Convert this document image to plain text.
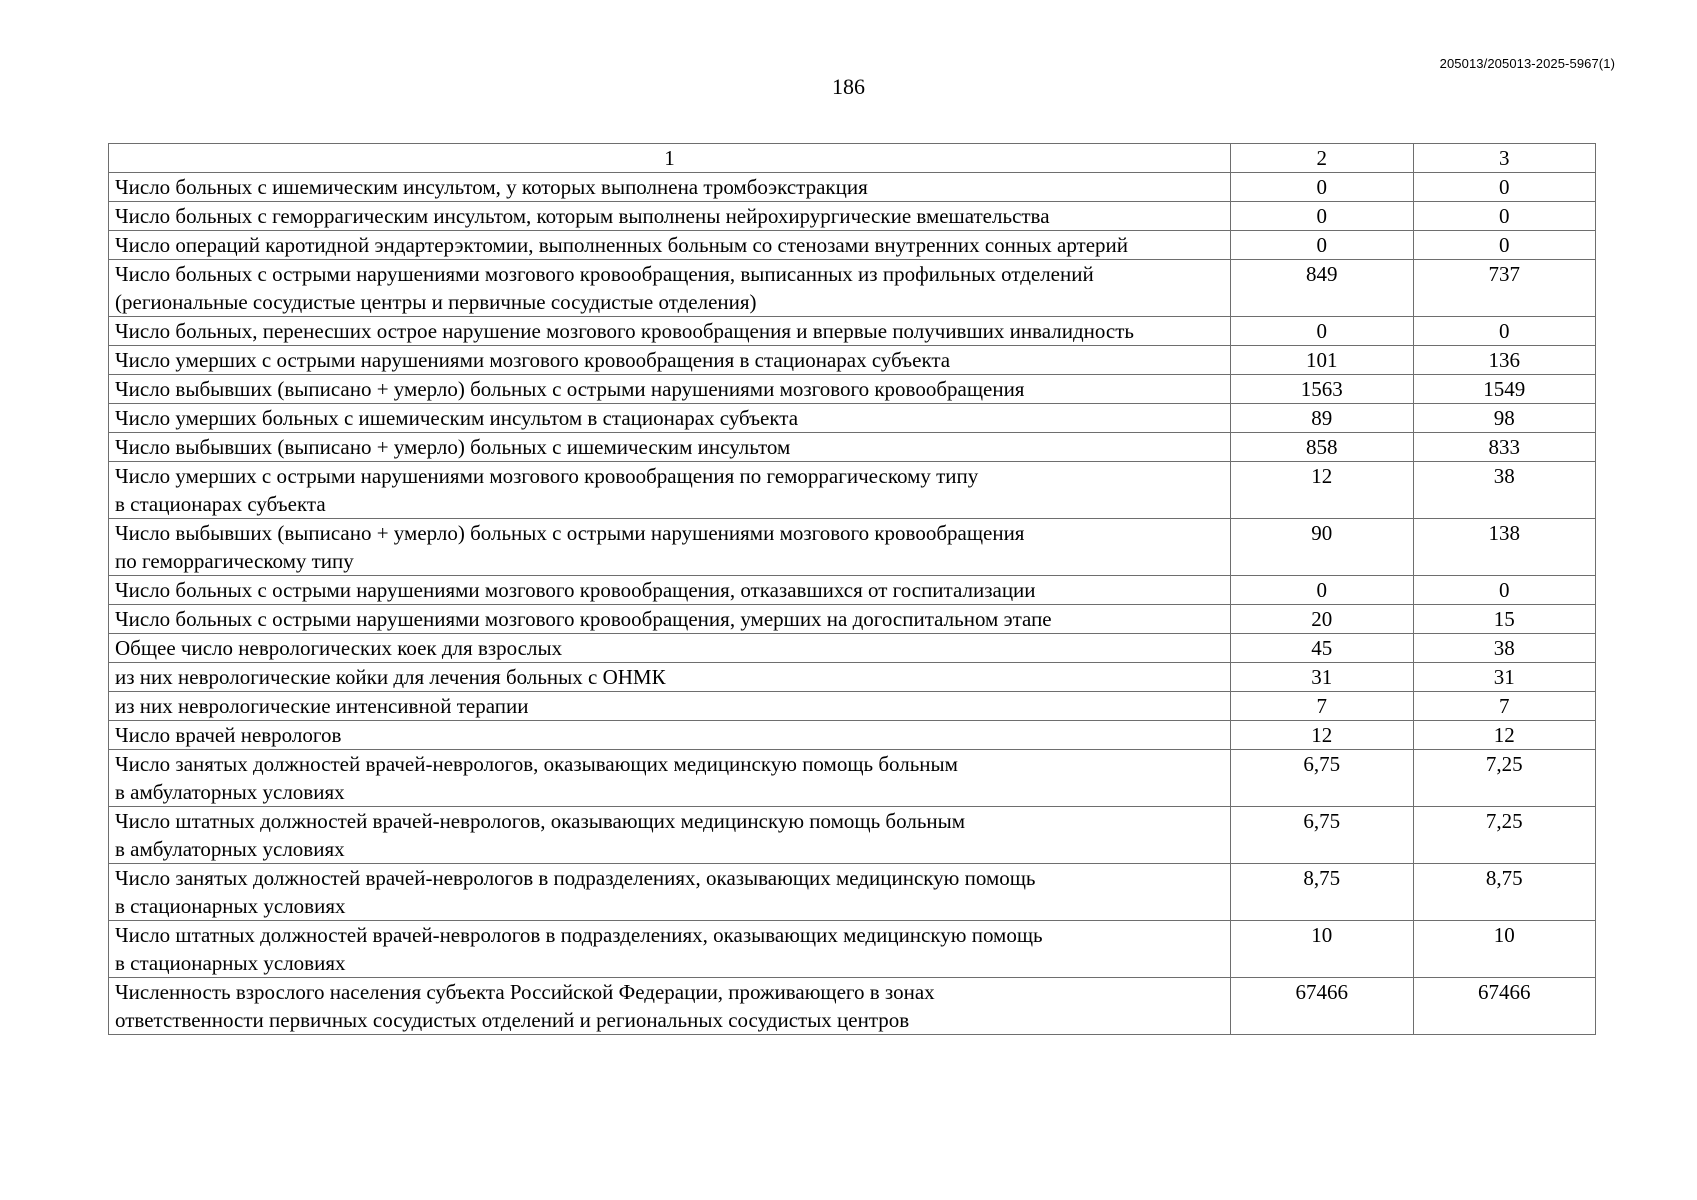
205013/205013-2025-5967(1)
186
1	2	3
Число больных с ишемическим инсультом, у которых выполнена тромбоэкстракция	0	0
Число больных с геморрагическим инсультом, которым выполнены нейрохирургические вмешательства	0	0
Число операций каротидной эндартерэктомии, выполненных больным со стенозами внутренних сонных артерий	0	0
Число больных с острыми нарушениями мозгового кровообращения, выписанных из профильных отделений (региональные сосудистые центры и первичные сосудистые отделения)	849	737
Число больных, перенесших острое нарушение мозгового кровообращения и впервые получивших инвалидность	0	0
Число умерших с острыми нарушениями мозгового кровообращения в стационарах субъекта	101	136
Число выбывших (выписано + умерло) больных с острыми нарушениями мозгового кровообращения	1563	1549
Число умерших больных с ишемическим инсультом в стационарах субъекта	89	98
Число выбывших (выписано + умерло) больных с ишемическим инсультом	858	833
Число умерших с острыми нарушениями мозгового кровообращения по геморрагическому типу
в стационарах субъекта	12	38
Число выбывших (выписано + умерло) больных с острыми нарушениями мозгового кровообращения
по геморрагическому типу	90	138
Число больных с острыми нарушениями мозгового кровообращения, отказавшихся от госпитализации	0	0
Число больных с острыми нарушениями мозгового кровообращения, умерших на догоспитальном этапе	20	15
Общее число неврологических коек для взрослых	45	38
из них неврологические койки для лечения больных с ОНМК	31	31
из них неврологические интенсивной терапии	7	7
Число врачей неврологов	12	12
Число занятых должностей врачей-неврологов, оказывающих медицинскую помощь больным
в амбулаторных условиях	6,75	7,25
Число штатных должностей врачей-неврологов, оказывающих медицинскую помощь больным
в амбулаторных условиях	6,75	7,25
Число занятых должностей врачей-неврологов в подразделениях, оказывающих медицинскую помощь
в стационарных условиях	8,75	8,75
Число штатных должностей врачей-неврологов в подразделениях, оказывающих медицинскую помощь
в стационарных условиях	10	10
Численность взрослого населения субъекта Российской Федерации, проживающего в зонах
ответственности первичных сосудистых отделений и региональных сосудистых центров	67466	67466
